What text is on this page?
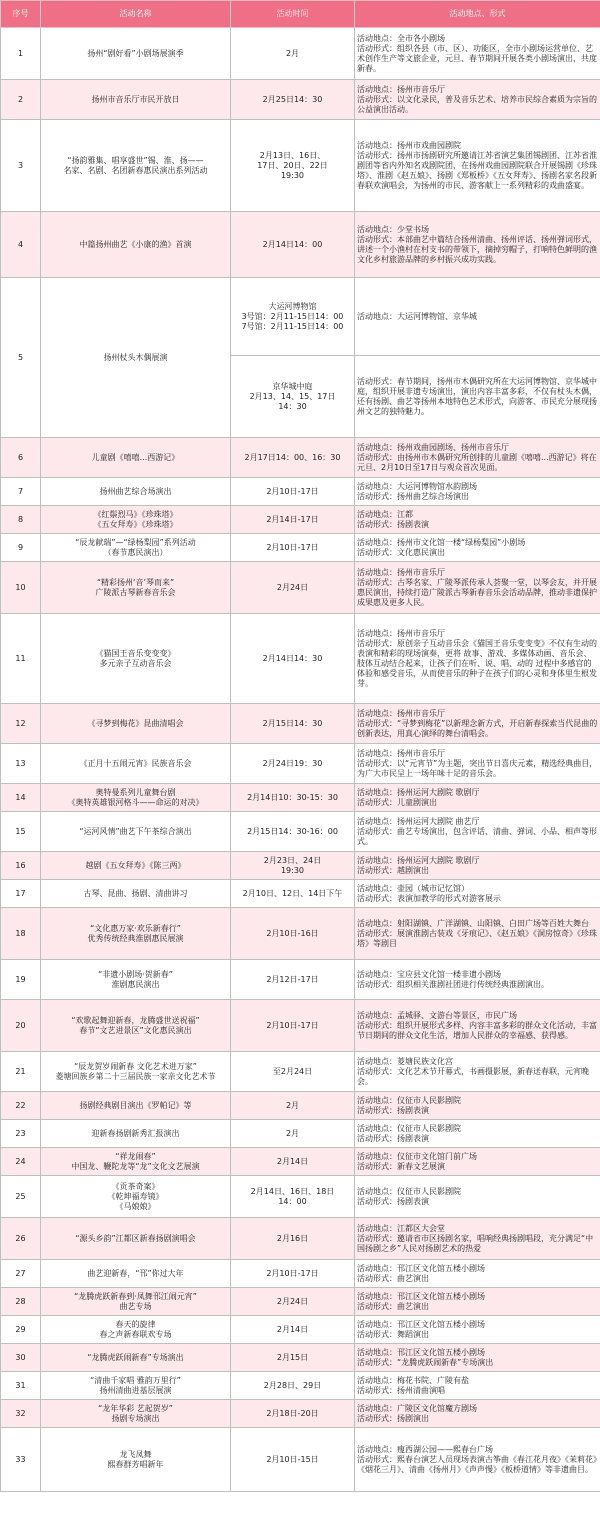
序号	活动名称	活动时间	活动地点、形式
1	扬州“剧好看”小剧场展演季	2月	活动地点：全市各小剧场
活动形式：组织各县（市、区）、功能区，全市小剧场运营单位、艺术创作生产等文旅企业，元旦、春节期间开展各类小剧场演出，共度新春。

2	扬州市音乐厅市民开放日	2月25日14：30	活动地点：扬州市音乐厅
活动形式：以文化录民，普及音乐艺术、培养市民综合素质为宗旨的公益演出活动。

3	“扬韵雅集、唱享盛世”锡、淮、扬——
名家、名剧、名团新春惠民演出系列活动	2月13日、16日、
17日、20日、22日
19:30	活动地点：扬州市戏曲园剧院
活动形式：扬州市扬剧研究所邀请江苏省演艺集团锡剧团、江苏省淮剧团等省内外知名戏剧院团，在扬州戏曲园剧院联合开展锡剧《珍珠塔》、淮剧《赵五娘》、扬剧《郑板桥》《五女拜寿》、扬剧名家名段新春联欢演唱会，为扬州的市民、游客献上一系列精彩的戏曲盛宴。

4	中篇扬州曲艺《小康的渔》首演	2月14日14：00	活动地点：少堂书场
活动形式：本部曲艺中篇结合扬州清曲、扬州评话、扬州弹词形式，讲述一个小渔村在村支书的带领下，摘掉穷帽子，打响特色鲜明的渔文化乡村旅游品牌的乡村振兴成功实践。

5	扬州杖头木偶展演	大运河博物馆
3号馆：2月11-15日14：00
7号馆：2月11-15日14：00	活动地点：大运河博物馆、京华城

		京华城中庭
2月13、14、15、17日
14：30	活动形式：春节期间，扬州市木偶研究所在大运河博物馆、京华城中庭，组织开展非遗专场演出，演出内容丰富多彩，不仅有杖头木偶，还有扬剧、曲艺等扬州本地特色艺术形式，向游客、市民充分展现扬州文艺的独特魅力。

6	儿童剧《嘻嘻...西游记》	2月17日14：00、16：30	活动地点：扬州戏曲园剧场、扬州市音乐厅
活动形式：由扬州市木偶研究所创排的儿童剧《嘻嘻...西游记》将在元旦、2月10日至17日与观众首次见面。

7	扬州曲艺综合场演出	2月10日-17日	活动地点：大运河博物馆水韵剧场
活动形式：扬州曲艺综合场演出

8	《红鬃烈马》《珍珠塔》
《五女拜寿》《珍珠塔》	2月14日-17日	活动地点：江都
活动形式：扬剧表演

9	“辰龙献瑞”—“绿杨梨园”系列活动
（春节惠民演出）	2月10日-17日	活动地点：扬州市文化馆一楼“绿杨梨园”小剧场
活动形式：文化惠民演出

10	“精彩扬州‘音’琴而来”
广陵派古琴新春音乐会	2月24日	活动地点：扬州市音乐厅
活动形式：古琴名家、广陵琴派传承人荟聚一堂，以琴会友，并开展惠民演出，持续打造广陵派古琴新春音乐会活动品牌，推动非遗保护成果惠及更多人民。

11	《猫国王音乐变变变》
多元亲子互动音乐会	2月14日14：30	活动地点：扬州市音乐厅
活动形式：原创亲子互动音乐会《猫国王音乐变变变》不仅有生动的表演和精彩的现场演奏，更将 故事、游戏、多媒体动画、音乐会、肢体互动结合起来，让孩子们在听、说、唱、动的 过程中多感官的体验和感受音乐，从而使音乐的种子在孩子们的心灵和身体里生根发芽。

12	《寻梦到梅花》昆曲清唱会	2月15日14：30	活动地点：扬州市音乐厅
活动形式：“寻梦到梅花”以新理念新方式，开启新春探索当代昆曲的创新表达，用真心演绎的舞台清唱会。

13	《正月十五闹元宵》民族音乐会	2月24日19：30	活动地点：扬州市音乐厅
活动形式：以“元宵节”为主题，突出节日喜庆元素，精选经典曲目，为广大市民呈上一场年味十足的音乐会。

14	奥特曼系列儿童舞台剧
《奥特英雄银河格斗——命运的对决》	2月14日10：30-15：30	活动地点：扬州运河大剧院 歌剧厅
活动形式：儿童剧演出

15	“运河风情”曲艺下午茶综合演出	2月15日14：30-16：00	活动地点：扬州运河大剧院 曲艺厅
活动形式：曲艺专场演出，包含评话、清曲、弹词、小品、相声等形式。

16	越剧《五女拜寿》《陈三两》	2月23日、24日
19:30	活动地点：扬州运河大剧院 歌剧厅
活动形式：越剧演出

17	古琴、昆曲、扬剧、清曲讲习	2月10日、12日、14日下午	活动地点：壶园（城市记忆馆）
活动形式：表演加教学的形式对游客展示

18	“文化惠万家·欢乐新春行”
优秀传统经典淮剧惠民展演	2月10日-16日	活动地点：射阳湖镇、广洋湖镇、山阳镇、白田广场等百姓大舞台
活动形式：展演淮剧古装戏《牙痕记》、《赵五娘》《洞房惊奇》《珍珠塔》等剧目

19	“非遗小剧场·贺新春”
淮剧惠民演出	2月12日-17日	活动地点：宝应县文化馆一楼非遗小剧场
活动形式：组织相关淮剧社团进行传统经典淮剧演出。

20	“欢歌起舞迎新春，龙腾盛世送祝福”
春节“文艺进景区”文化惠民演出	2月10日-17日	活动地点：孟城驿、文游台等景区，市民广场
活动形式：组织开展形式多样、内容丰富多彩的群众文化活动，丰富节日期间的群众文化生活，增加人民群众的幸福感、获得感。

21	“辰龙贺岁闹新春 文化艺术进万家”
菱塘回族乡第二十三届民族一家亲文化艺术节	至2月24日	活动地点：菱塘民族文化宫
活动形式：文化艺术节开幕式，书画摄影展，新春送春联，元宵晚会。

22	扬剧经典剧目演出《罗帕记》等	2月	活动地点：仪征市人民影剧院
活动形式：扬剧表演

23	迎新春扬剧新秀汇报演出	2月	活动地点：仪征市人民影剧院
活动形式：扬剧表演

24	“祥龙闹春”
中国龙、鞭陀龙等“龙”文化文艺展演	2月14日	活动地点：仪征市文化馆门前广场
活动形式：新春文艺展演

25	《贡茶奇案》
《乾坤福寿镜》
《马娘娘》	2月14日、16日、18日
14：00	活动地点：仪征市人民影剧院
活动形式：扬剧表演

26	“源头乡韵”江都区新春扬剧演唱会	2月16日	活动地点：江都区大会堂
活动形式：邀请省市区扬剧名家，唱响经典扬剧唱段，充分满足“中国扬剧之乡”人民对扬剧艺术的热爱

27	曲艺迎新春，“邗”你过大年	2月10日-17日	活动地点：邗江区文化馆五楼小剧场
活动形式：曲艺演出

28	“龙腾虎跃新春到·凤舞邗江闹元宵”
曲艺专场	2月24日	活动地点：邗江区文化馆五楼小剧场
活动形式：曲艺演出

29	春天的旋律
春之声新春联欢专场	2月14日	活动地点：邗江区文化馆五楼小剧场
活动形式：舞蹈演出

30	“龙腾虎跃闹新春”专场演出	2月15日	活动地点：邗江区文化馆五楼小剧场
活动形式：“龙腾虎跃闹新春”专场演出

31	“清曲千家唱 雅韵万里行”
扬州清曲进基层展演	2月28日、29日	活动地点：梅花书院、广陵有盐
活动形式：扬州清曲演唱

32	“龙年华彩 艺起贺岁”
扬剧专场演出	2月18日-20日	活动地点：广陵区文化馆魔方剧场
活动形式：扬剧演出

33	龙飞凤舞
熙春群芳唱新年	2月10日-15日	活动地点：瘦西湖公园——熙春台广场
活动形式：熙春台演艺人员现场表演古筝曲《春江花月夜》《茉莉花》《烟花三月》、清曲《扬州月》《声声慢》《板桥道情》等非遗曲目。
